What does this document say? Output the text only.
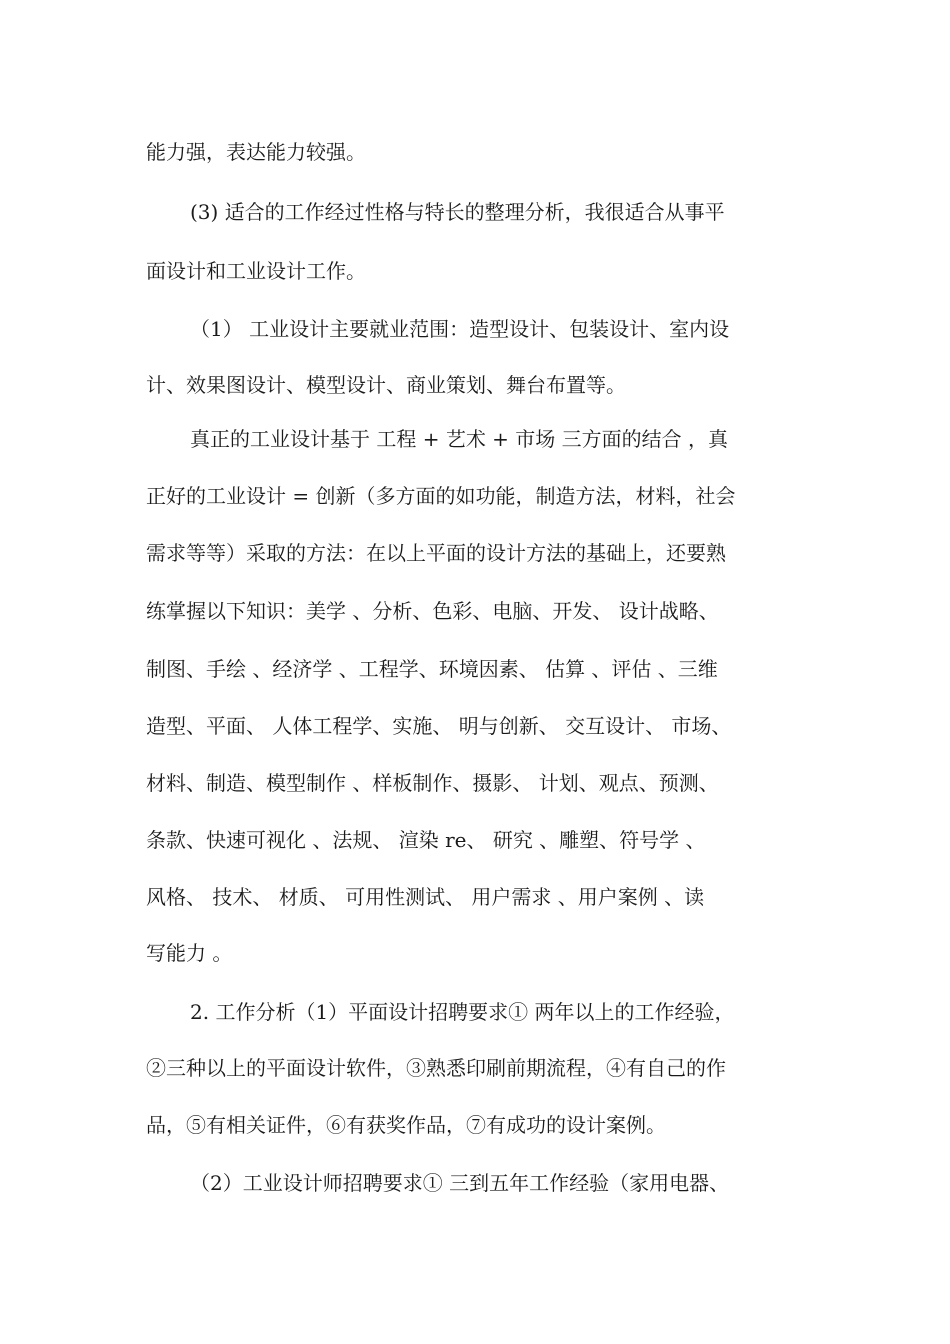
能力强，表达能力较强。
(3) 适合的工作经过性格与特长的整理分析，我很适合从事平
面设计和工业设计工作。
（1） 工业设计主要就业范围：造型设计、包装设计、室内设
计、效果图设计、模型设计、商业策划、舞台布置等。
真正的工业设计基于 工程 + 艺术 + 市场 三方面的结合 ，真
正好的工业设计 = 创新（多方面的如功能，制造方法，材料，社会
需求等等）采取的方法：在以上平面的设计方法的基础上，还要熟
练掌握以下知识：美学 、分析、色彩、电脑、开发、 设计战略、
制图、手绘 、经济学 、工程学、环境因素、 估算 、评估 、三维
造型、平面、 人体工程学、实施、 明与创新、 交互设计、 市场、
材料、制造、模型制作 、样板制作、摄影、 计划、观点、预测、
条款、快速可视化 、法规、 渲染 re、 研究 、雕塑、符号学 、
风格、 技术、 材质、 可用性测试、 用户需求 、用户案例 、读
写能力 。
2. 工作分析（1）平面设计招聘要求① 两年以上的工作经验，
②三种以上的平面设计软件，③熟悉印刷前期流程，④有自己的作
品，⑤有相关证件，⑥有获奖作品，⑦有成功的设计案例。
（2）工业设计师招聘要求① 三到五年工作经验（家用电器、
